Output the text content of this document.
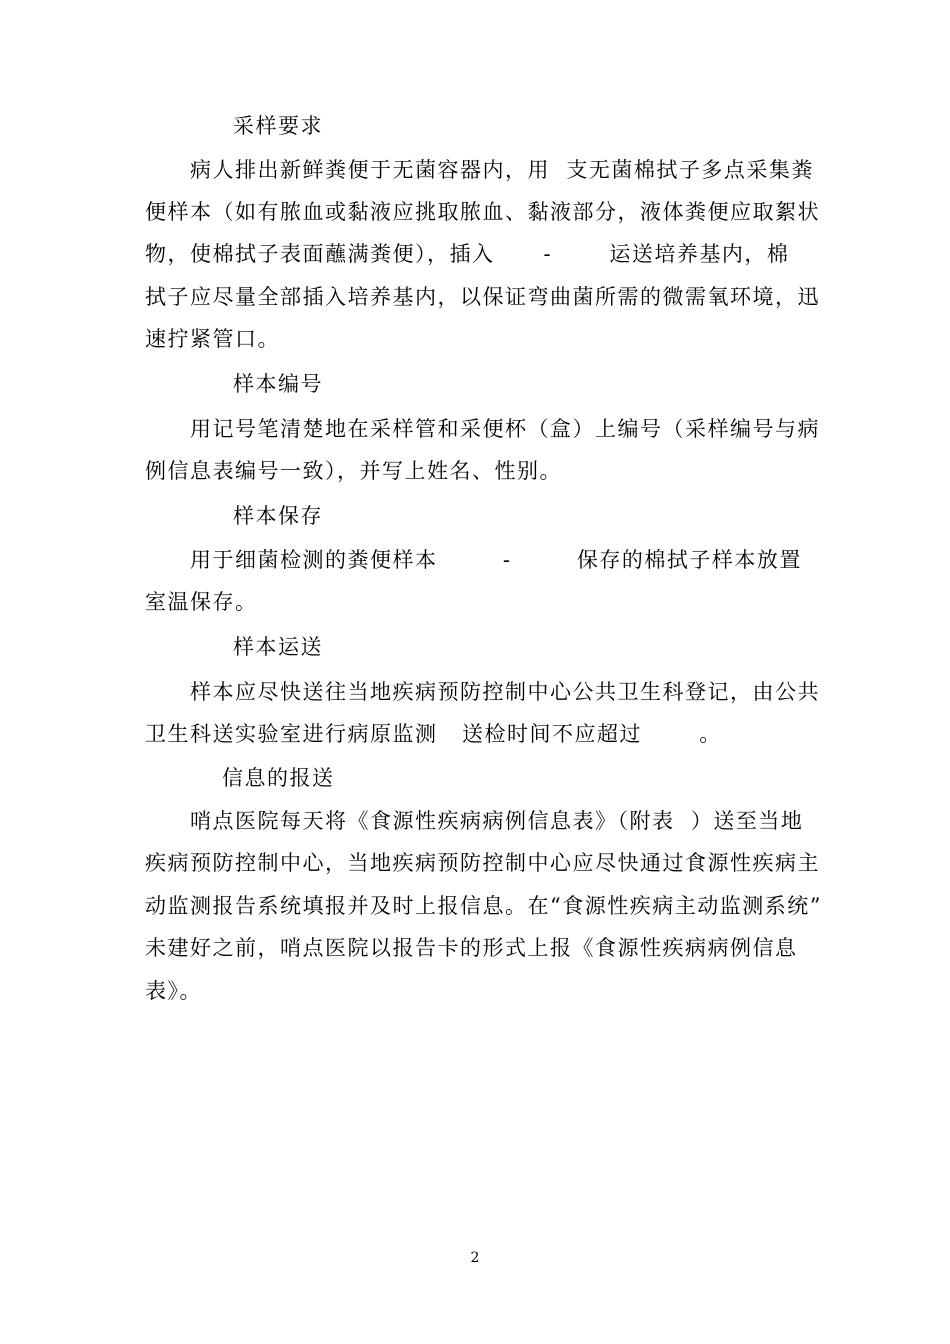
采样要求
病人排出新鲜粪便于无菌容器内，用  支无菌棉拭子多点采集粪
便样本（如有脓血或黏液应挑取脓血、黏液部分，液体粪便应取絮状
物，使棉拭子表面蘸满粪便），插入      -       运送培养基内，棉
拭子应尽量全部插入培养基内，以保证弯曲菌所需的微需氧环境，迅
速拧紧管口。
样本编号
用记号笔清楚地在采样管和采便杯（盒）上编号（采样编号与病
例信息表编号一致），并写上姓名、性别。
样本保存
用于细菌检测的粪便样本        -        保存的棉拭子样本放置
室温保存。
样本运送
样本应尽快送往当地疾病预防控制中心公共卫生科登记，由公共
卫生科送实验室进行病原监测   送检时间不应超过       。
信息的报送
哨点医院每天将《食源性疾病病例信息表》（附表  ）送至当地
疾病预防控制中心，当地疾病预防控制中心应尽快通过食源性疾病主
动监测报告系统填报并及时上报信息。在“食源性疾病主动监测系统”
未建好之前，哨点医院以报告卡的形式上报《食源性疾病病例信息
表》。
2
